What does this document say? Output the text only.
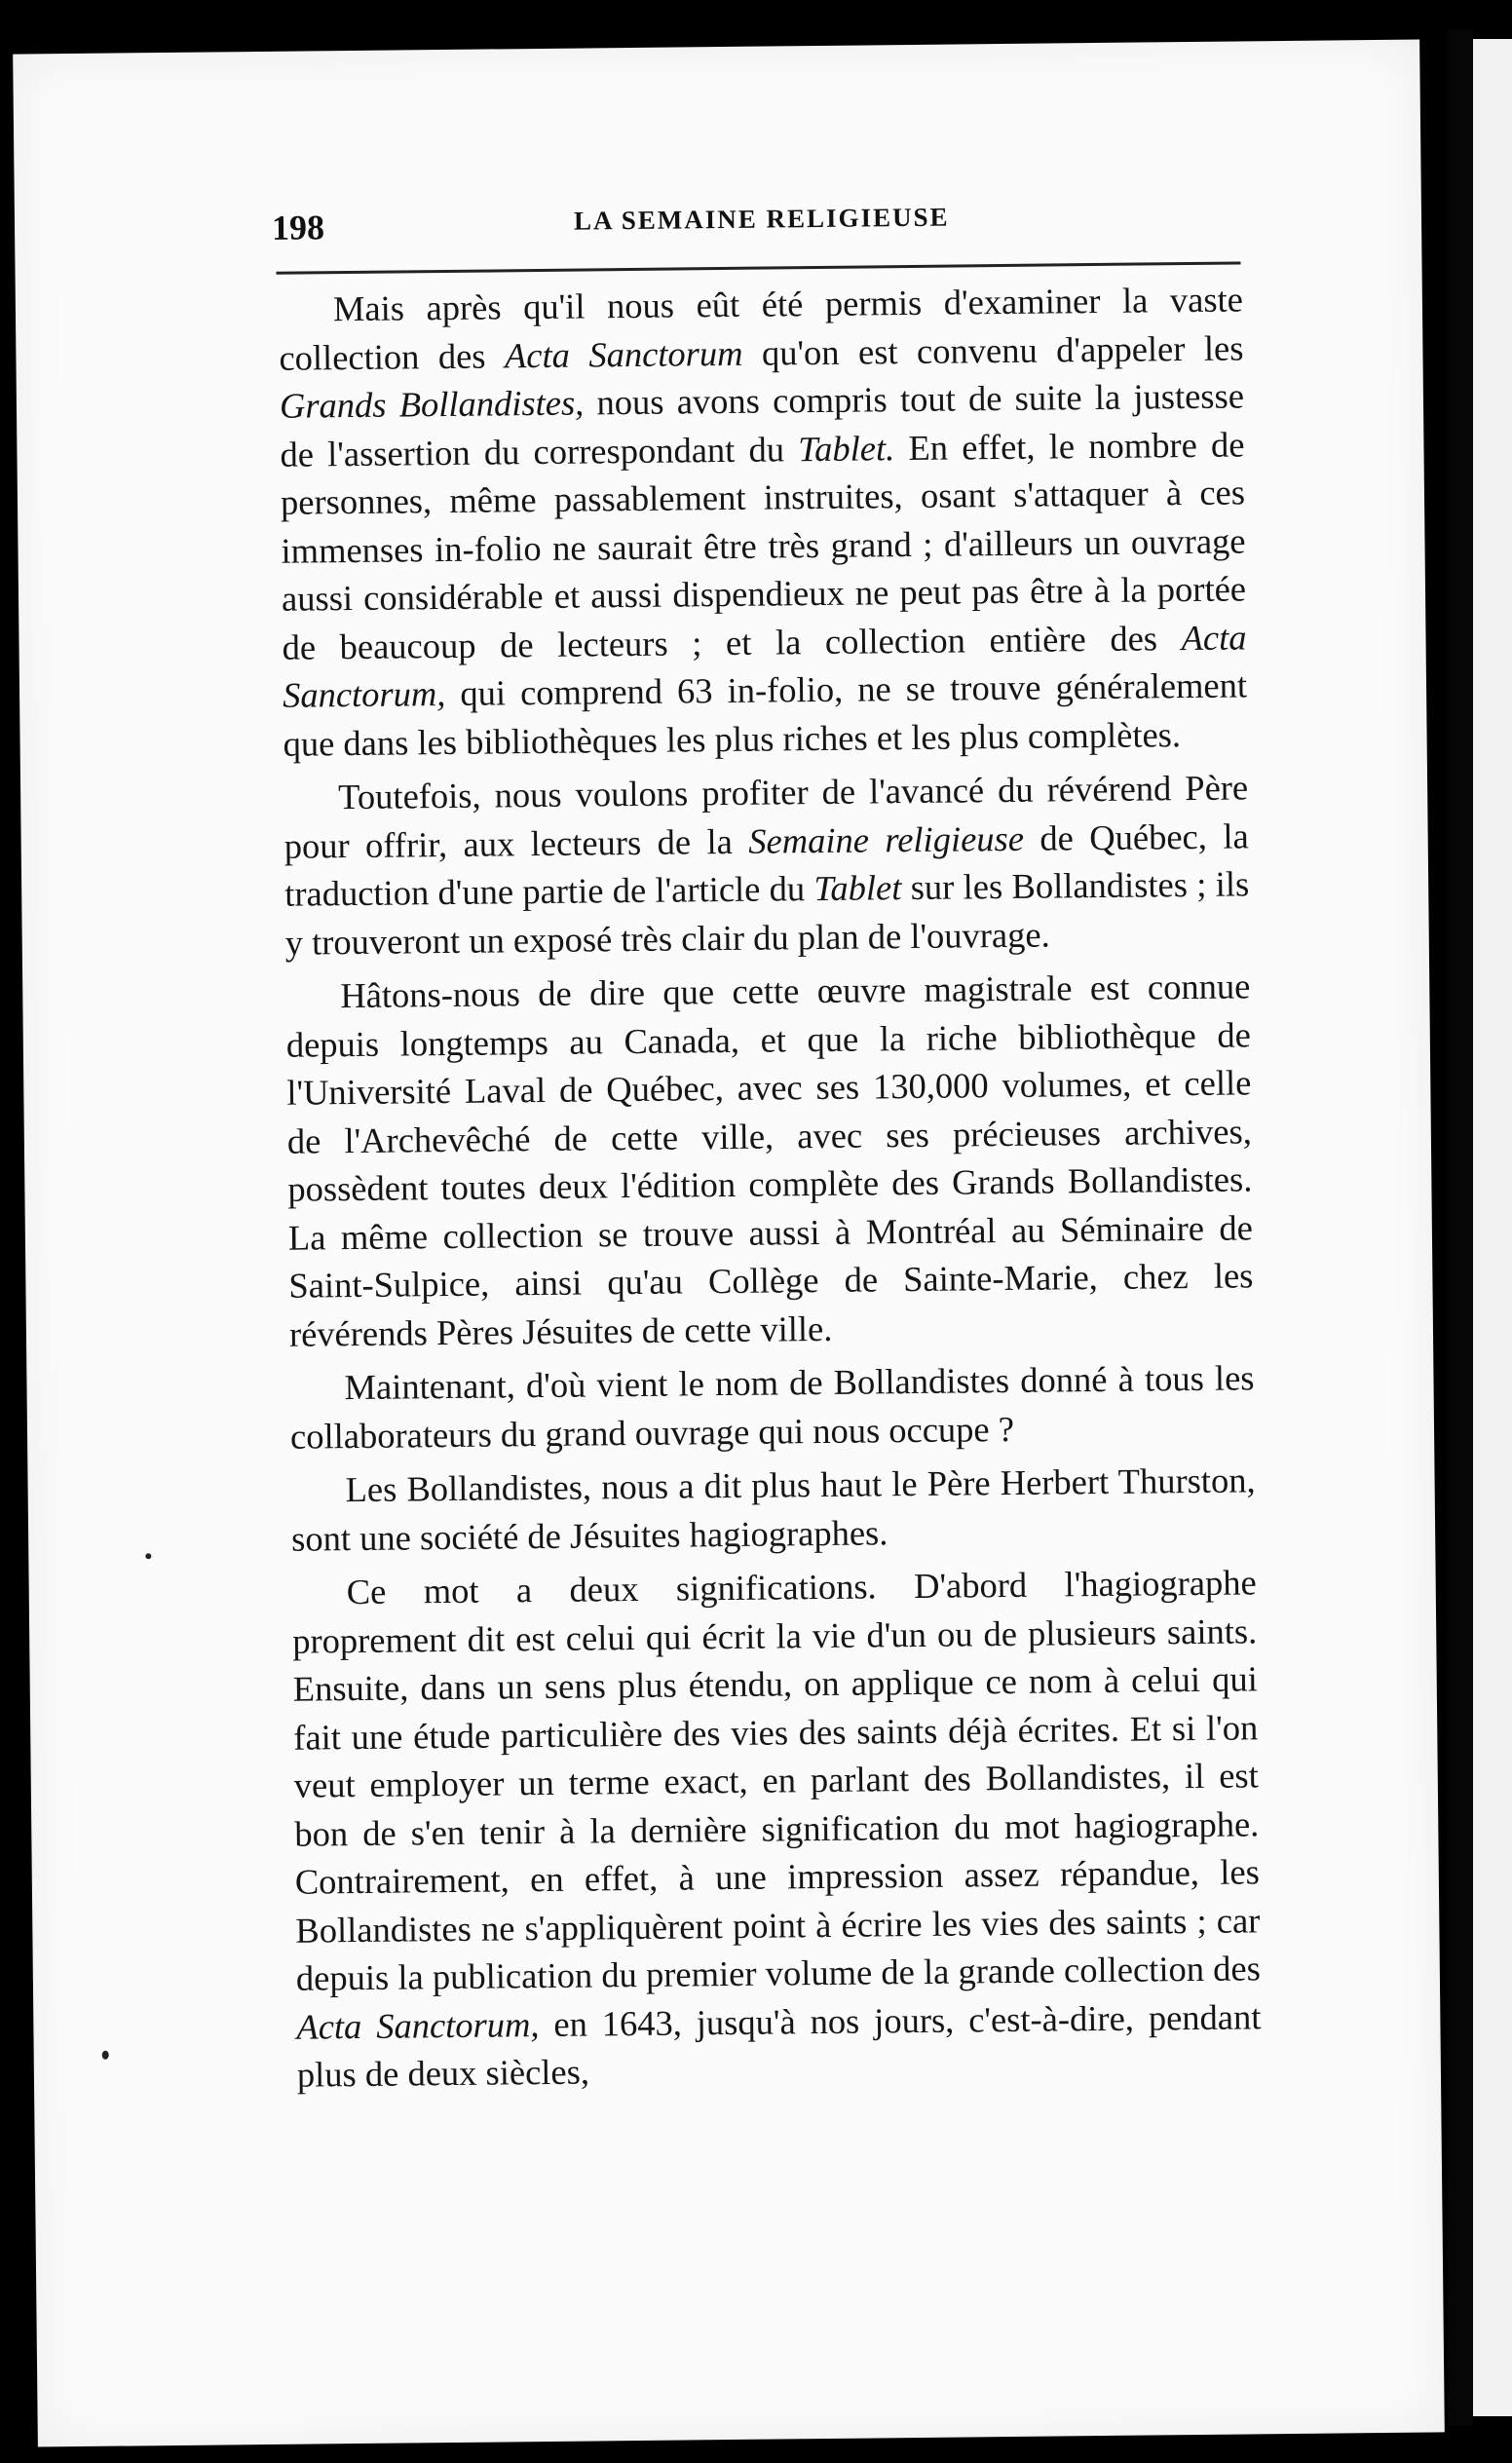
198	LA SEMAINE RELIGIEUSE

Mais après qu'il nous eût été permis d'examiner la vaste collection des Acta Sanctorum qu'on est convenu d'appeler les Grands Bollandistes, nous avons compris tout de suite la justesse de l'assertion du correspondant du Tablet. En effet, le nombre de personnes, même passablement instruites, osant s'attaquer à ces immenses in-folio ne saurait être très grand ; d'ailleurs un ouvrage aussi considérable et aussi dispendieux ne peut pas être à la portée de beaucoup de lecteurs ; et la collection entière des Acta Sanctorum, qui comprend 63 in-folio, ne se trouve généralement que dans les bibliothèques les plus riches et les plus complètes.

Toutefois, nous voulons profiter de l'avancé du révérend Père pour offrir, aux lecteurs de la Semaine religieuse de Québec, la traduction d'une partie de l'article du Tablet sur les Bollandistes ; ils y trouveront un exposé très clair du plan de l'ouvrage.

Hâtons-nous de dire que cette œuvre magistrale est connue depuis longtemps au Canada, et que la riche bibliothèque de l'Université Laval de Québec, avec ses 130,000 volumes, et celle de l'Archevêché de cette ville, avec ses précieuses archives, possèdent toutes deux l'édition complète des Grands Bollandistes. La même collection se trouve aussi à Montréal au Séminaire de Saint-Sulpice, ainsi qu'au Collège de Sainte-Marie, chez les révérends Pères Jésuites de cette ville.

Maintenant, d'où vient le nom de Bollandistes donné à tous les collaborateurs du grand ouvrage qui nous occupe ?

Les Bollandistes, nous a dit plus haut le Père Herbert Thurston, sont une société de Jésuites hagiographes.

Ce mot a deux significations. D'abord l'hagiographe proprement dit est celui qui écrit la vie d'un ou de plusieurs saints. Ensuite, dans un sens plus étendu, on applique ce nom à celui qui fait une étude particulière des vies des saints déjà écrites. Et si l'on veut employer un terme exact, en parlant des Bollandistes, il est bon de s'en tenir à la dernière signification du mot hagiographe. Contrairement, en effet, à une impression assez répandue, les Bollandistes ne s'appliquèrent point à écrire les vies des saints ; car depuis la publication du premier volume de la grande collection des Acta Sanctorum, en 1643, jusqu'à nos jours, c'est-à-dire, pendant plus de deux siècles,
